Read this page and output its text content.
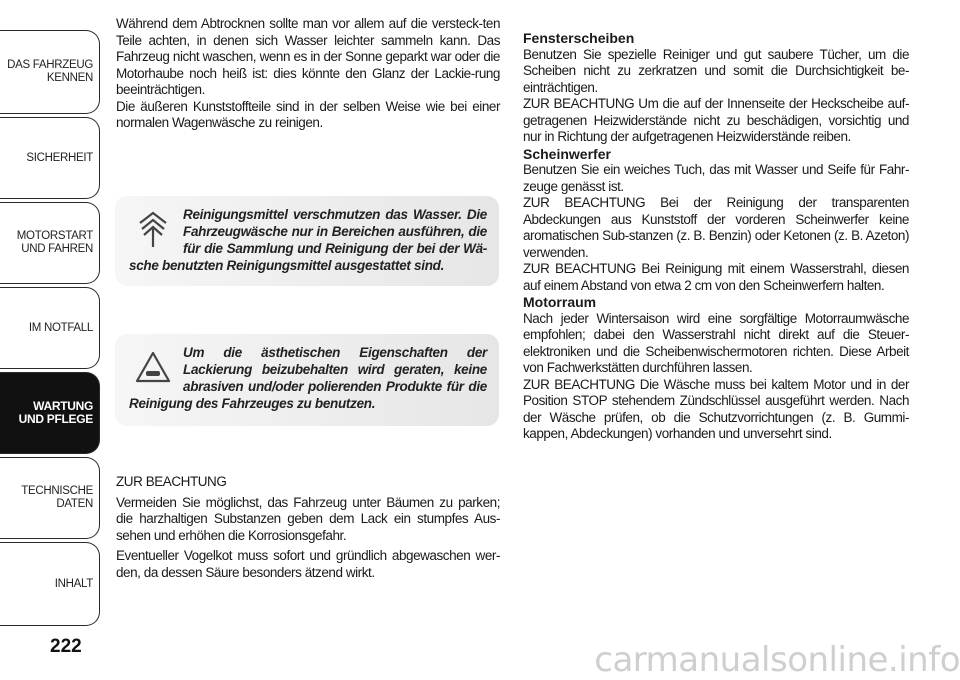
DAS FAHRZEUG
KENNEN
SICHERHEIT
MOTORSTART
UND FAHREN
IM NOTFALL
WARTUNG
UND PFLEGE
TECHNISCHE
DATEN
INHALT
222

Während dem Abtrocknen sollte man vor allem auf die versteck-ten Teile achten, in denen sich Wasser leichter sammeln kann. Das Fahrzeug nicht waschen, wenn es in der Sonne geparkt war oder die Motorhaube noch heiß ist: dies könnte den Glanz der Lackie-rung beeinträchtigen.

Die äußeren Kunststoffteile sind in der selben Weise wie bei einer normalen Wagenwäsche zu reinigen.

Reinigungsmittel verschmutzen das Wasser. Die Fahrzeugwäsche nur in Bereichen ausführen, die für die Sammlung und Reinigung der bei der Wä-sche benutzten Reinigungsmittel ausgestattet sind.
Um die ästhetischen Eigenschaften der Lackierung beizubehalten wird geraten, keine abrasiven und/oder polierenden Produkte für die Reinigung des Fahrzeuges zu benutzen.

ZUR BEACHTUNG

Vermeiden Sie möglichst, das Fahrzeug unter Bäumen zu parken; die harzhaltigen Substanzen geben dem Lack ein stumpfes Aus-sehen und erhöhen die Korrosionsgefahr.

Eventueller Vogelkot muss sofort und gründlich abgewaschen wer-den, da dessen Säure besonders ätzend wirkt.

Fensterscheiben

Benutzen Sie spezielle Reiniger und gut saubere Tücher, um die Scheiben nicht zu zerkratzen und somit die Durchsichtigkeit be-einträchtigen.

ZUR BEACHTUNG Um die auf der Innenseite der Heckscheibe auf-getragenen Heizwiderstände nicht zu beschädigen, vorsichtig und nur in Richtung der aufgetragenen Heizwiderstände reiben.

Scheinwerfer

Benutzen Sie ein weiches Tuch, das mit Wasser und Seife für Fahr-zeuge genässt ist.

ZUR BEACHTUNG Bei der Reinigung der transparenten Abdeckungen aus Kunststoff der vorderen Scheinwerfer keine aromatischen Sub-stanzen (z. B. Benzin) oder Ketonen (z. B. Azeton) verwenden.

ZUR BEACHTUNG Bei Reinigung mit einem Wasserstrahl, diesen auf einem Abstand von etwa 2 cm von den Scheinwerfern halten.

Motorraum

Nach jeder Wintersaison wird eine sorgfältige Motorraumwäsche empfohlen; dabei den Wasserstrahl nicht direkt auf die Steuer-elektroniken und die Scheibenwischermotoren richten. Diese Arbeit von Fachwerkstätten durchführen lassen.

ZUR BEACHTUNG Die Wäsche muss bei kaltem Motor und in der Position STOP stehendem Zündschlüssel ausgeführt werden. Nach der Wäsche prüfen, ob die Schutzvorrichtungen (z. B. Gummi-kappen, Abdeckungen) vorhanden und unversehrt sind.

carmanualsonline.info
